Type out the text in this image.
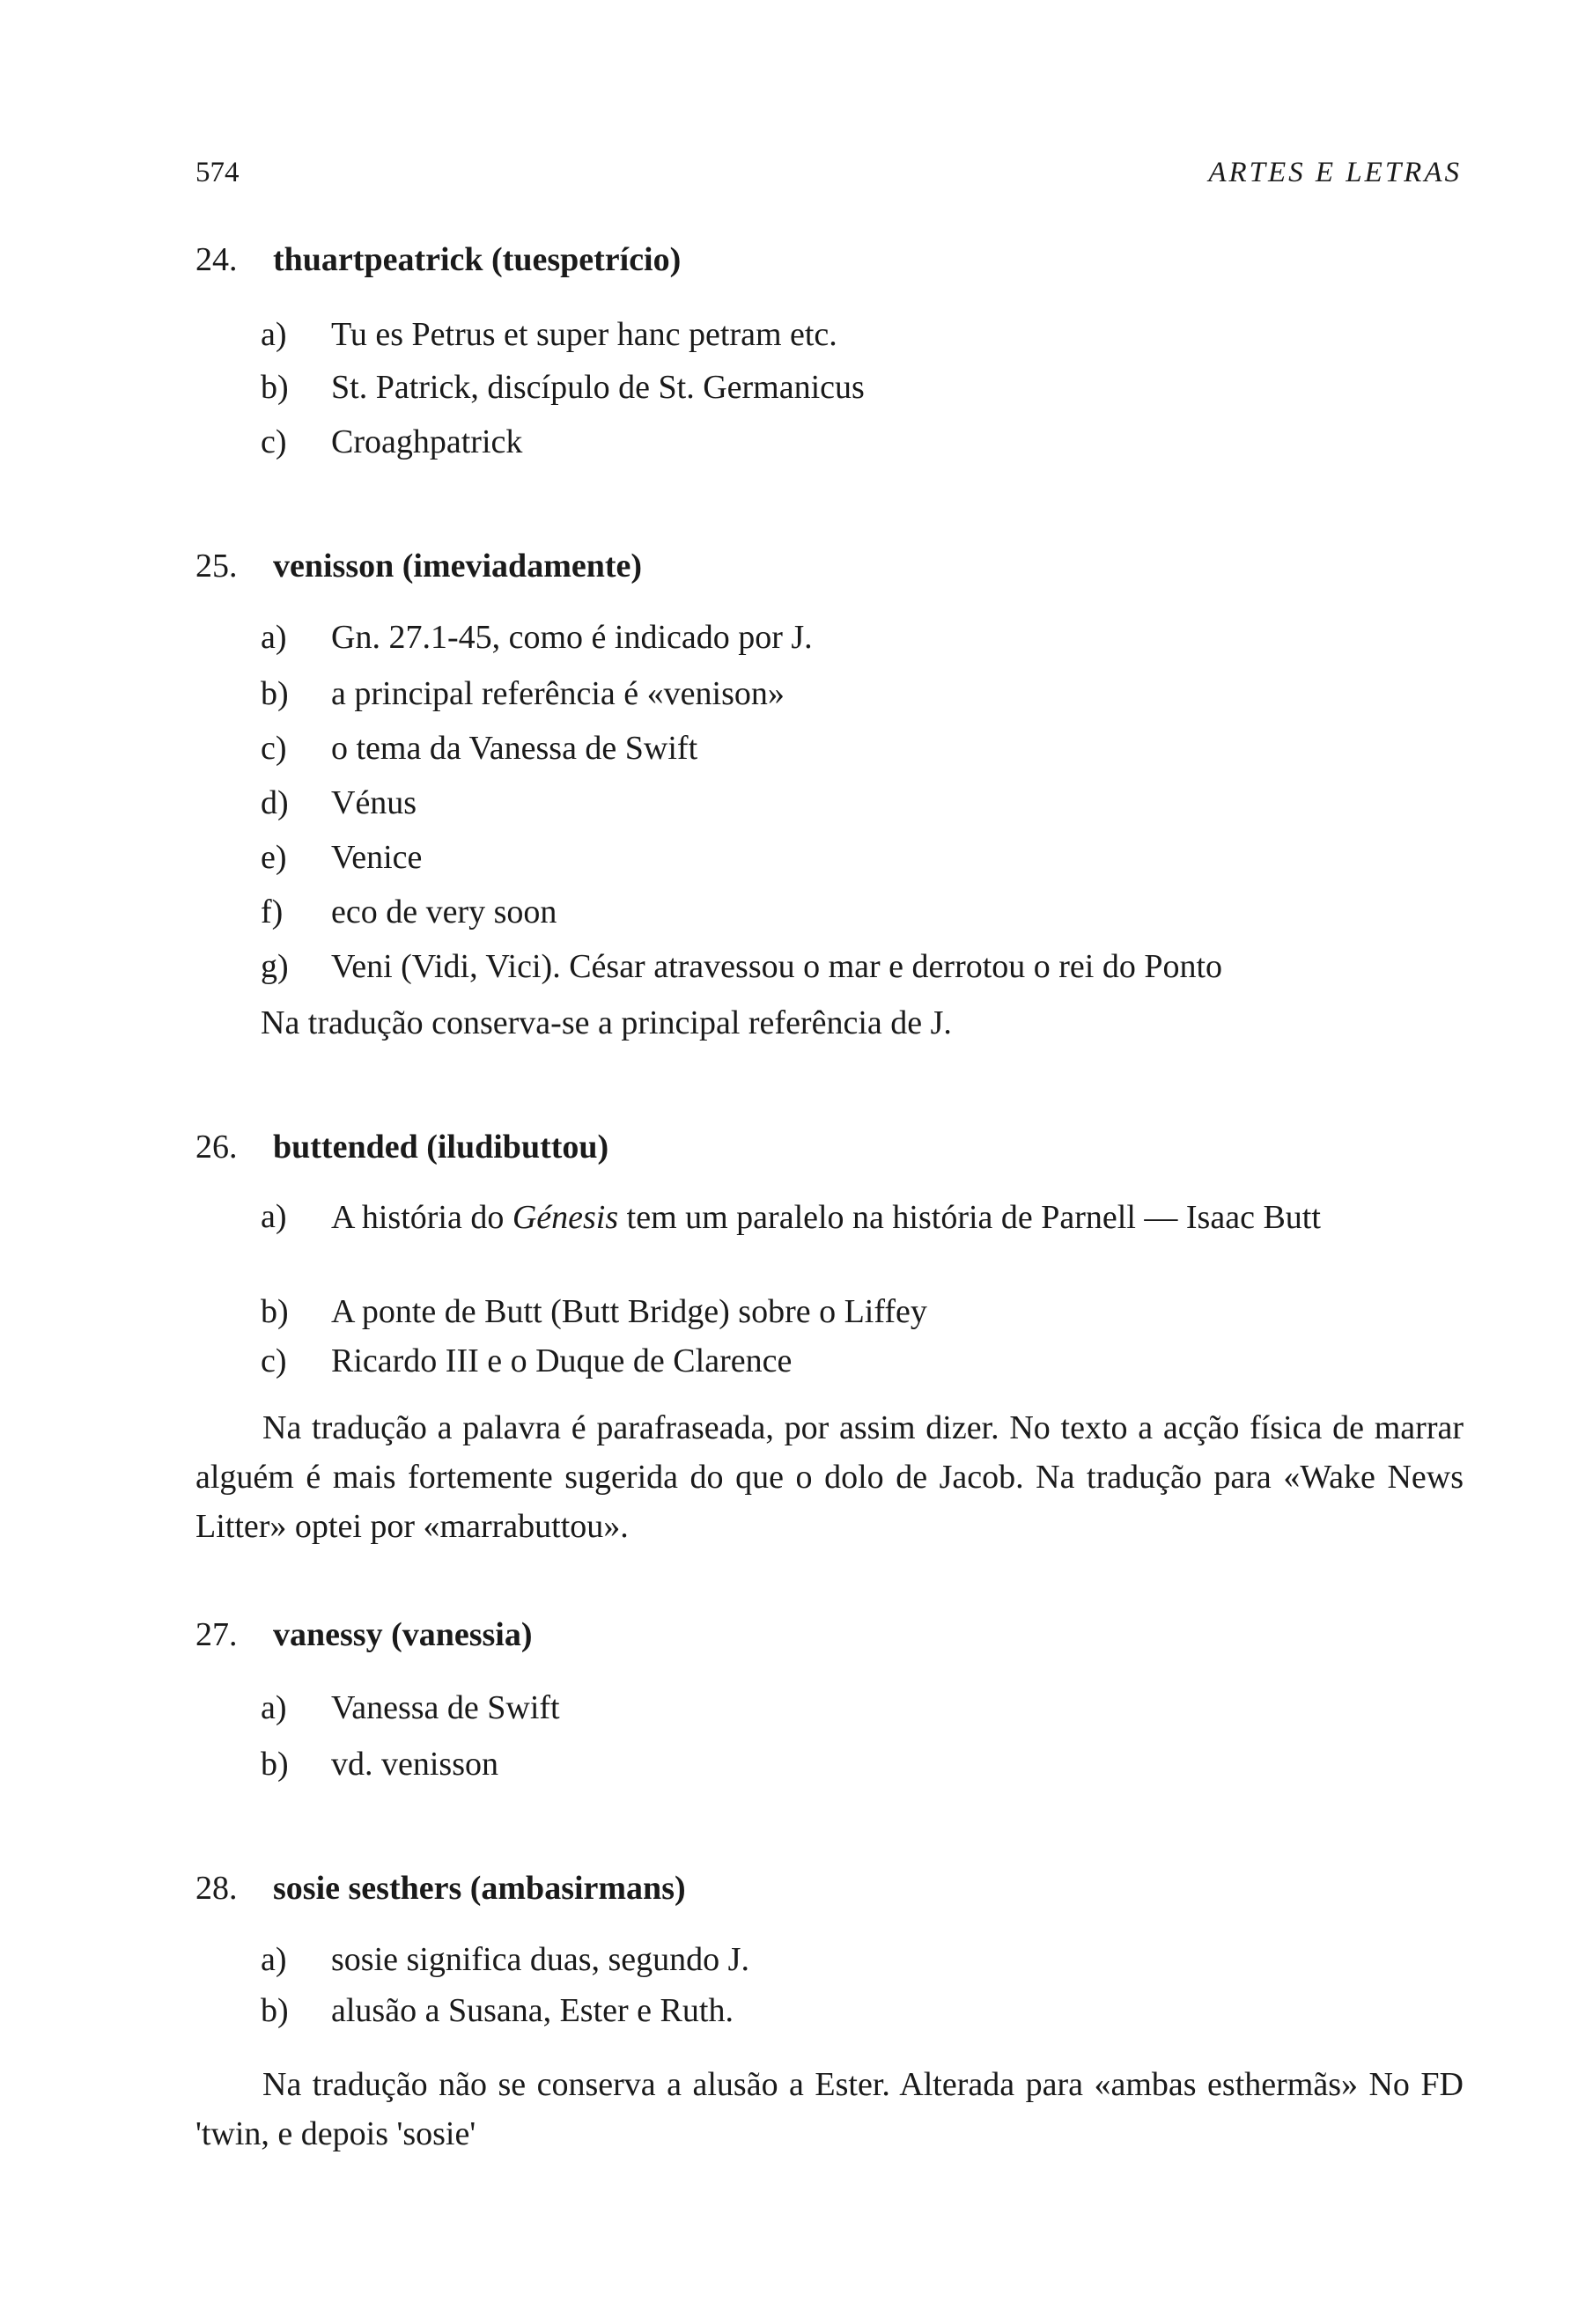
574	ARTES E LETRAS
24. thuartpeatrick (tuespetrício)
a) Tu es Petrus et super hanc petram etc.
b) St. Patrick, discípulo de St. Germanicus
c) Croaghpatrick
25. venisson (imeviadamente)
a) Gn. 27.1-45, como é indicado por J.
b) a principal referência é «venison»
c) o tema da Vanessa de Swift
d) Vénus
e) Venice
f) eco de very soon
g) Veni (Vidi, Vici). César atravessou o mar e derrotou o rei do Ponto
Na tradução conserva-se a principal referência de J.
26. buttended (iludibuttou)
a) A história do Génesis tem um paralelo na história de Parnell — Isaac Butt
b) A ponte de Butt (Butt Bridge) sobre o Liffey
c) Ricardo III e o Duque de Clarence
Na tradução a palavra é parafraseada, por assim dizer. No texto a acção física de marrar alguém é mais fortemente sugerida do que o dolo de Jacob. Na tradução para «Wake News Litter» optei por «marrabuttou».
27. vanessy (vanessia)
a) Vanessa de Swift
b) vd. venisson
28. sosie sesthers (ambasirmans)
a) sosie significa duas, segundo J.
b) alusão a Susana, Ester e Ruth.
Na tradução não se conserva a alusão a Ester. Alterada para «ambas esthermãs» No FD 'twin, e depois 'sosie'
